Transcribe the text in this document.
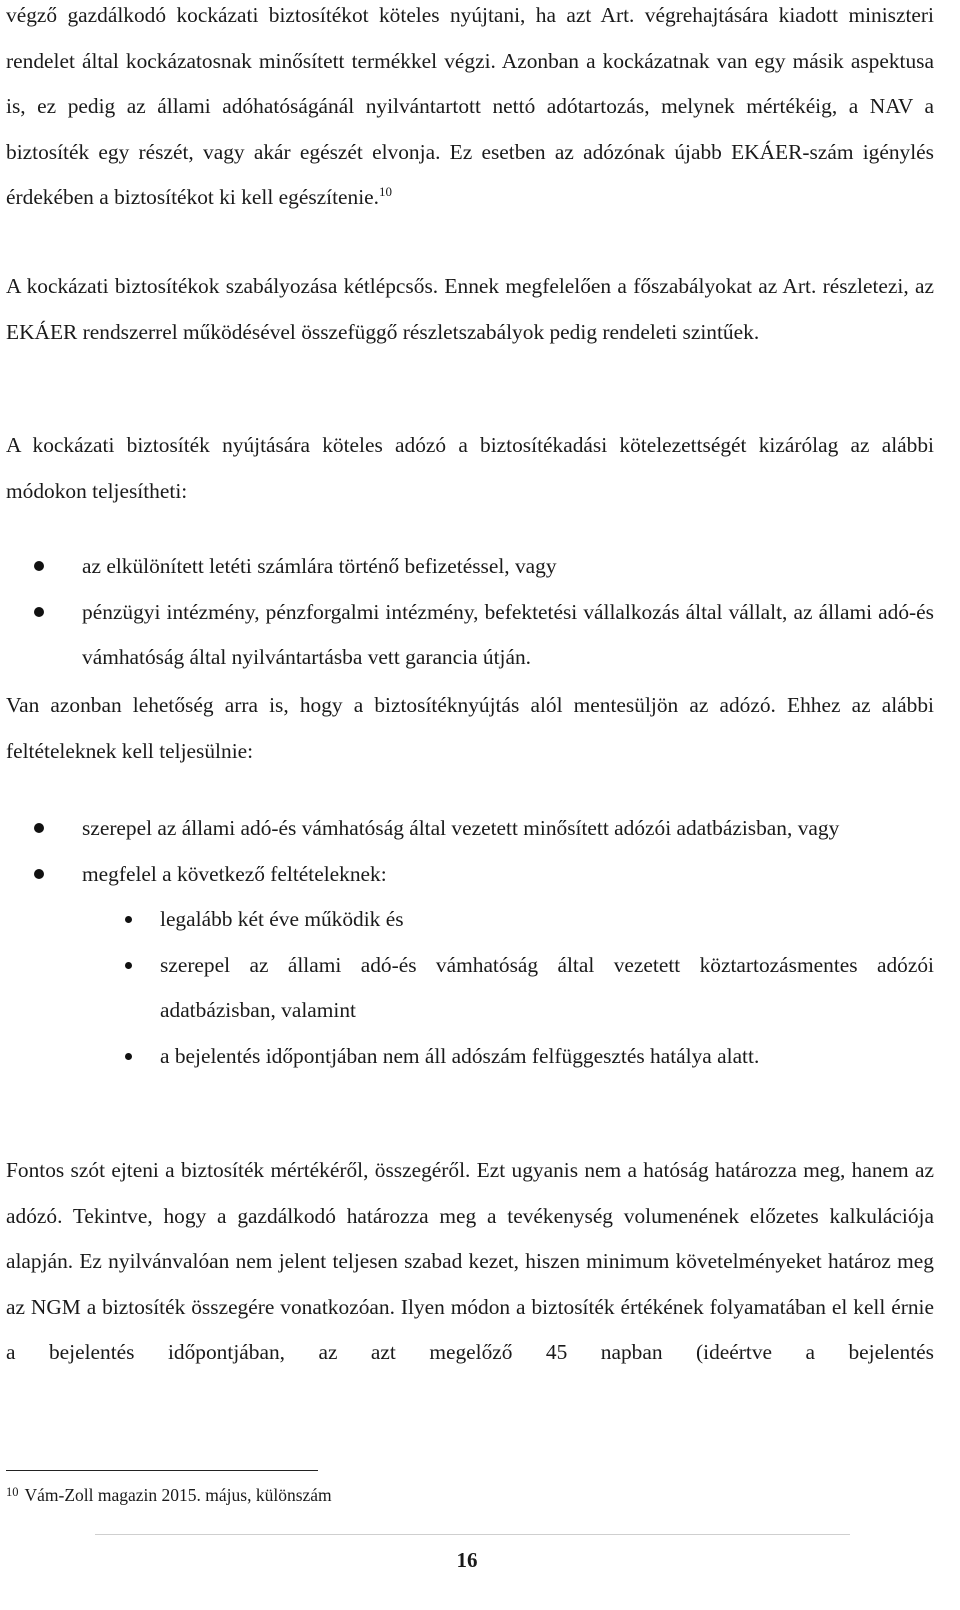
végző gazdálkodó kockázati biztosítékot köteles nyújtani, ha azt Art. végrehajtására kiadott miniszteri rendelet által kockázatosnak minősített termékkel végzi. Azonban a kockázatnak van egy másik aspektusa is, ez pedig az állami adóhatóságánál nyilvántartott nettó adótartozás, melynek mértékéig, a NAV a biztosíték egy részét, vagy akár egészét elvonja. Ez esetben az adózónak újabb EKÁER-szám igénylés érdekében a biztosítékot ki kell egészítenie.$^{10}$

A kockázati biztosítékok szabályozása kétlépcsős. Ennek megfelelően a főszabályokat az Art. részletezi, az EKÁER rendszerrel működésével összefüggő részletszabályok pedig rendeleti szintűek.

A kockázati biztosíték nyújtására köteles adózó a biztosítékadási kötelezettségét kizárólag az alábbi módokon teljesítheti:

az elkülönített letéti számlára történő befizetéssel, vagy
pénzügyi intézmény, pénzforgalmi intézmény, befektetési vállalkozás által vállalt, az állami adó-és vámhatóság által nyilvántartásba vett garancia útján.

Van azonban lehetőség arra is, hogy a biztosítéknyújtás alól mentesüljön az adózó. Ehhez az alábbi feltételeknek kell teljesülnie:

szerepel az állami adó-és vámhatóság által vezetett minősített adózói adatbázisban, vagy
megfelel a következő feltételeknek:
legalább két éve működik és
szerepel az állami adó-és vámhatóság által vezetett köztartozásmentes adózói adatbázisban, valamint
a bejelentés időpontjában nem áll adószám felfüggesztés hatálya alatt.

Fontos szót ejteni a biztosíték mértékéről, összegéről. Ezt ugyanis nem a hatóság határozza meg, hanem az adózó. Tekintve, hogy a gazdálkodó határozza meg a tevékenység volumenének előzetes kalkulációja alapján. Ez nyilvánvalóan nem jelent teljesen szabad kezet, hiszen minimum követelményeket határoz meg az NGM a biztosíték összegére vonatkozóan. Ilyen módon a biztosíték értékének folyamatában el kell érnie a bejelentés időpontjában, az azt megelőző 45 napban (ideértve a bejelentés

$^{10}$ Vám-Zoll magazin 2015. május, különszám
16
